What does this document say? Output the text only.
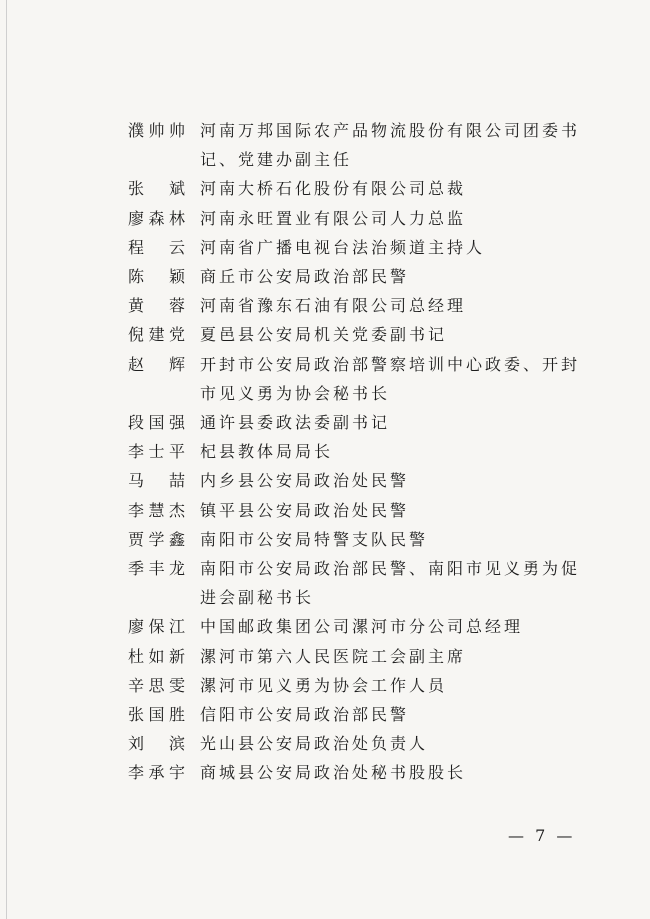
濮帅帅 河南万邦国际农产品物流股份有限公司团委书记、党建办副主任
张斌 河南大桥石化股份有限公司总裁
廖森林 河南永旺置业有限公司人力总监
程云 河南省广播电视台法治频道主持人
陈颖 商丘市公安局政治部民警
黄蓉 河南省豫东石油有限公司总经理
倪建党 夏邑县公安局机关党委副书记
赵辉 开封市公安局政治部警察培训中心政委、开封市见义勇为协会秘书长
段国强 通许县委政法委副书记
李士平 杞县教体局局长
马喆 内乡县公安局政治处民警
李慧杰 镇平县公安局政治处民警
贾学鑫 南阳市公安局特警支队民警
季丰龙 南阳市公安局政治部民警、南阳市见义勇为促进会副秘书长
廖保江 中国邮政集团公司漯河市分公司总经理
杜如新 漯河市第六人民医院工会副主席
辛思雯 漯河市见义勇为协会工作人员
张国胜 信阳市公安局政治部民警
刘滨 光山县公安局政治处负责人
李承宇 商城县公安局政治处秘书股股长
— 7 —
